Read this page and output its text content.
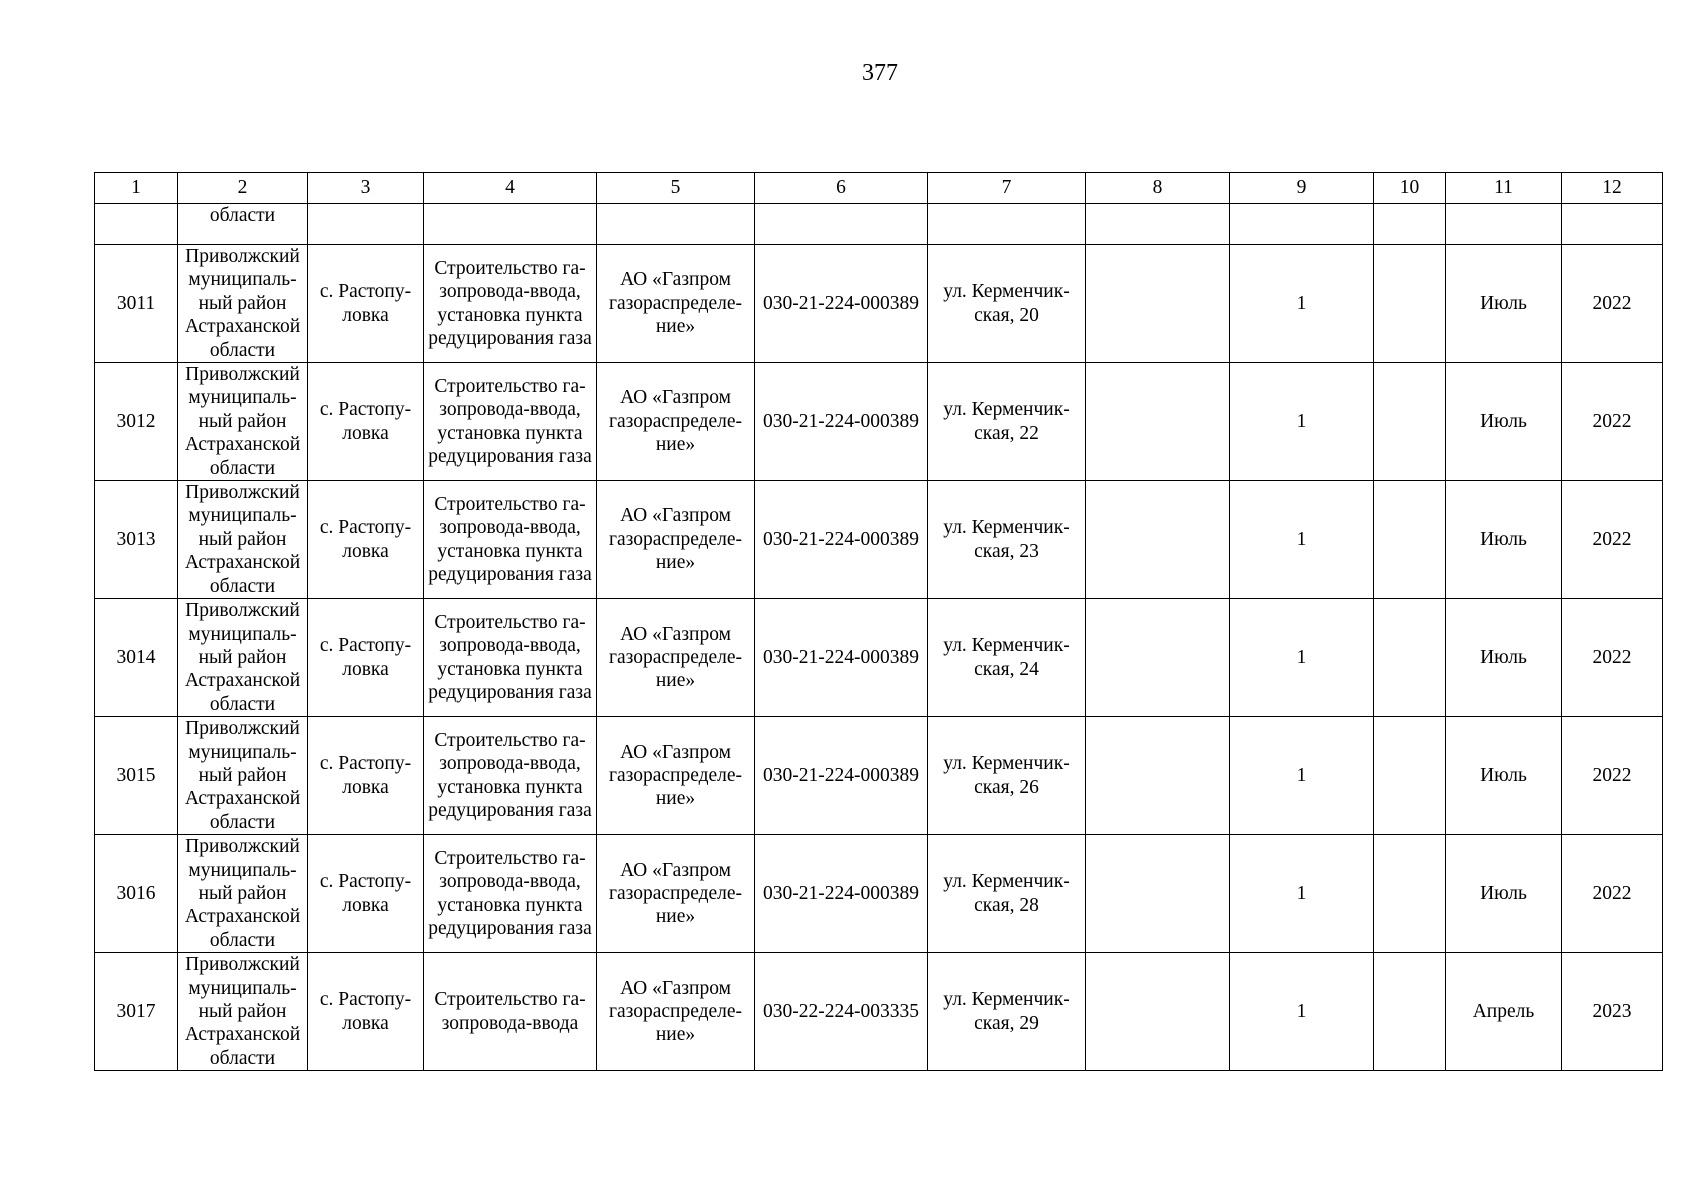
377
1	2	3	4	5	6	7	8	9	10	11	12

	области										

3011	Приволжский
муниципаль-
ный район
Астраханской
области	с. Растопу-
ловка	Строительство га-
зопровода-ввода,
установка пункта
редуцирования газа	АО «Газпром
газораспределе-
ние»	030-21-224-000389	ул. Керменчик-
ская, 20		1		Июль	2022

3012	Приволжский
муниципаль-
ный район
Астраханской
области	с. Растопу-
ловка	Строительство га-
зопровода-ввода,
установка пункта
редуцирования газа	АО «Газпром
газораспределе-
ние»	030-21-224-000389	ул. Керменчик-
ская, 22		1		Июль	2022

3013	Приволжский
муниципаль-
ный район
Астраханской
области	с. Растопу-
ловка	Строительство га-
зопровода-ввода,
установка пункта
редуцирования газа	АО «Газпром
газораспределе-
ние»	030-21-224-000389	ул. Керменчик-
ская, 23		1		Июль	2022

3014	Приволжский
муниципаль-
ный район
Астраханской
области	с. Растопу-
ловка	Строительство га-
зопровода-ввода,
установка пункта
редуцирования газа	АО «Газпром
газораспределе-
ние»	030-21-224-000389	ул. Керменчик-
ская, 24		1		Июль	2022

3015	Приволжский
муниципаль-
ный район
Астраханской
области	с. Растопу-
ловка	Строительство га-
зопровода-ввода,
установка пункта
редуцирования газа	АО «Газпром
газораспределе-
ние»	030-21-224-000389	ул. Керменчик-
ская, 26		1		Июль	2022

3016	Приволжский
муниципаль-
ный район
Астраханской
области	с. Растопу-
ловка	Строительство га-
зопровода-ввода,
установка пункта
редуцирования газа	АО «Газпром
газораспределе-
ние»	030-21-224-000389	ул. Керменчик-
ская, 28		1		Июль	2022

3017	Приволжский
муниципаль-
ный район
Астраханской
области	с. Растопу-
ловка	Строительство га-
зопровода-ввода	АО «Газпром
газораспределе-
ние»	030-22-224-003335	ул. Керменчик-
ская, 29		1		Апрель	2023
